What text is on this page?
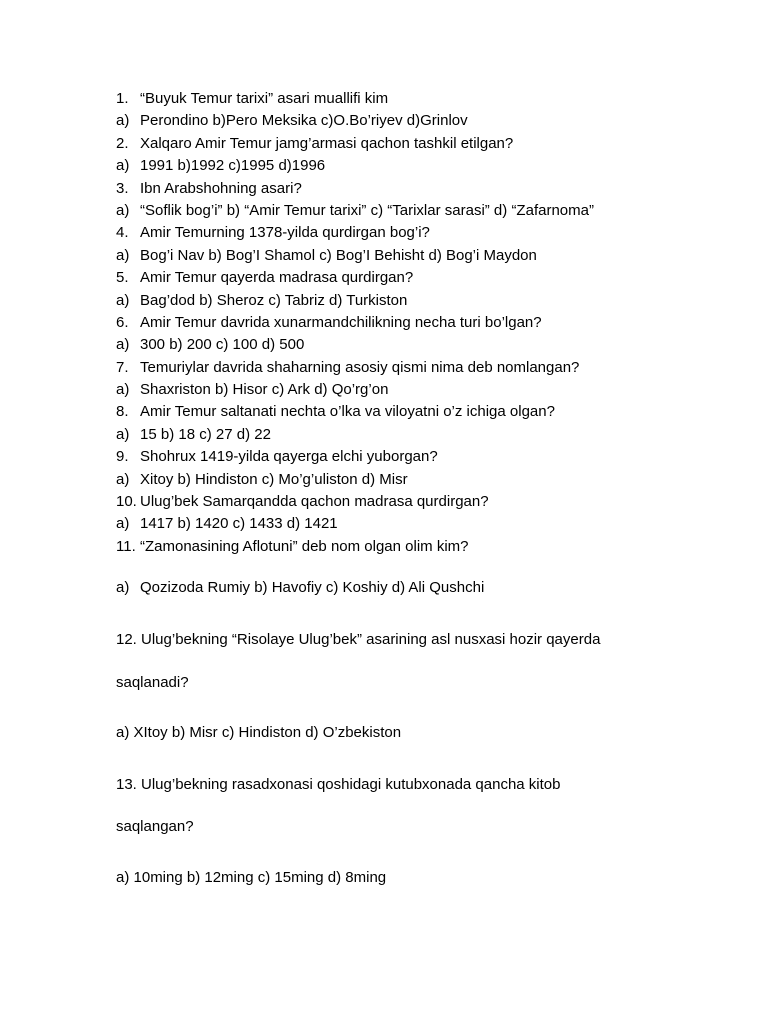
1. “Buyuk Temur tarixi” asari muallifi kim
a) Perondino b)Pero Meksika c)O.Bo’riyev d)Grinlov
2. Xalqaro Amir Temur jamg’armasi qachon tashkil etilgan?
a) 1991 b)1992 c)1995 d)1996
3. Ibn Arabshohning asari?
a) “Soflik bog’i” b) “Amir Temur tarixi” c) “Tarixlar sarasi” d) “Zafarnoma”
4. Amir Temurning 1378-yilda qurdirgan bog’i?
a) Bog’i Nav b) Bog’I Shamol c) Bog’I Behisht d) Bog’i Maydon
5. Amir Temur qayerda madrasa qurdirgan?
a) Bag’dod b) Sheroz c) Tabriz d) Turkiston
6. Amir Temur davrida xunarmandchilikning necha turi bo’lgan?
a) 300 b) 200 c) 100 d) 500
7. Temuriylar davrida shaharning asosiy qismi nima deb nomlangan?
a) Shaxriston b) Hisor c) Ark d) Qo’rg’on
8. Amir Temur saltanati nechta o’lka va viloyatni o’z ichiga olgan?
a) 15 b) 18 c) 27 d) 22
9. Shohrux 1419-yilda qayerga elchi yuborgan?
a) Xitoy b) Hindiston c) Mo’g’uliston d) Misr
10. Ulug’bek Samarqandda qachon madrasa qurdirgan?
a) 1417 b) 1420 c) 1433 d) 1421
11. “Zamonasining Aflotuni” deb nom olgan olim kim?
a) Qozizoda Rumiy b) Havofiy c) Koshiy d) Ali Qushchi
12. Ulug’bekning “Risolaye Ulug’bek” asarining asl nusxasi hozir qayerda
saqlanadi?
a) XItoy b) Misr c) Hindiston d) O’zbekiston
13. Ulug’bekning rasadxonasi qoshidagi kutubxonada qancha kitob
saqlangan?
a) 10ming b) 12ming c) 15ming d) 8ming
